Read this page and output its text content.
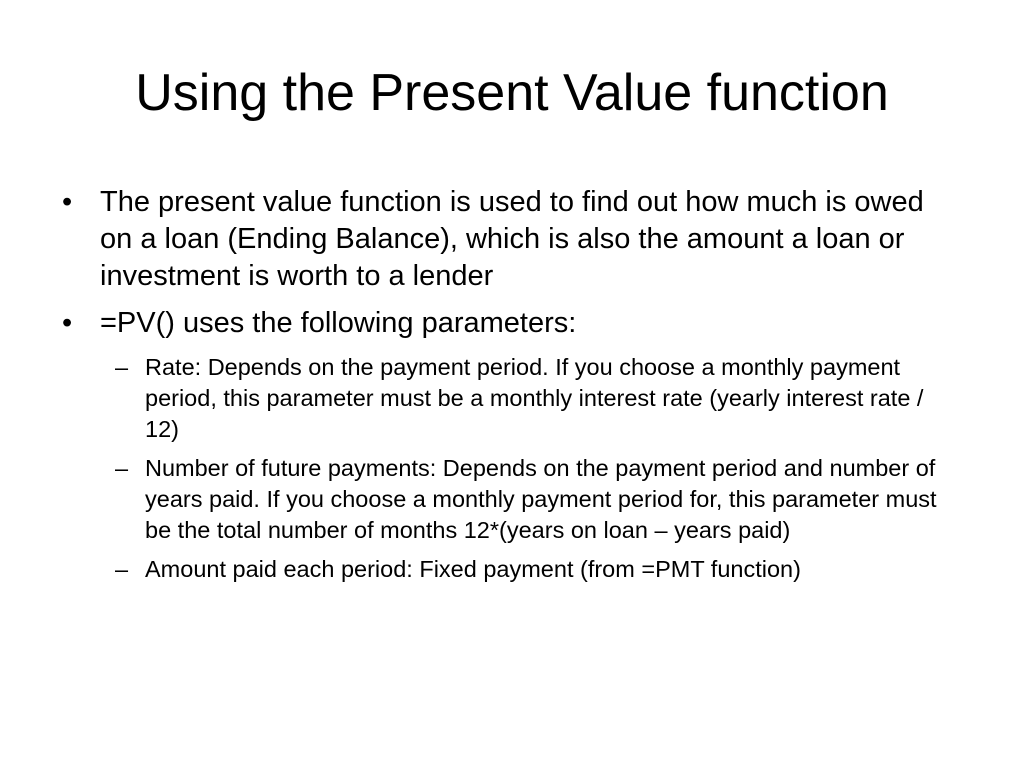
Using the Present Value function
• The present value function is used to find out how much is owed on a loan (Ending Balance), which is also the amount a loan or investment is worth to a lender
• =PV() uses the following parameters:
– Rate: Depends on the payment period. If you choose a monthly payment period, this parameter must be a monthly interest rate (yearly interest rate / 12)
– Number of future payments: Depends on the payment period and number of years paid. If you choose a monthly payment period for, this parameter must be the total number of months 12*(years on loan – years paid)
– Amount paid each period: Fixed payment (from =PMT function)
